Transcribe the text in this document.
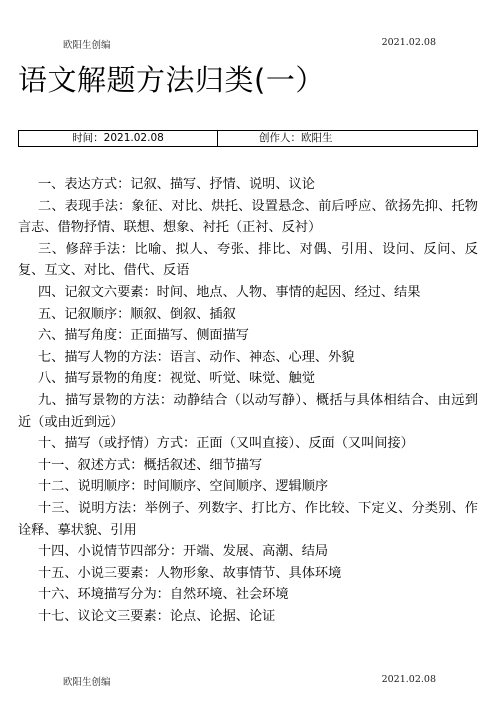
欧阳生创编	2021.02.08
语文解题方法归类(一）
时间：2021.02.08	创作人：欧阳生

一、表达方式：记叙、描写、抒情、说明、议论

二、表现手法：象征、对比、烘托、设置悬念、前后呼应、欲扬先抑、托物言志、借物抒情、联想、想象、衬托（正衬、反衬）

三、修辞手法：比喻、拟人、夸张、排比、对偶、引用、设问、反问、反复、互文、对比、借代、反语

四、记叙文六要素：时间、地点、人物、事情的起因、经过、结果

五、记叙顺序：顺叙、倒叙、插叙

六、描写角度：正面描写、侧面描写

七、描写人物的方法：语言、动作、神态、心理、外貌

八、描写景物的角度：视觉、听觉、味觉、触觉

九、描写景物的方法：动静结合（以动写静）、概括与具体相结合、由远到近（或由近到远）

十、描写（或抒情）方式：正面（又叫直接）、反面（又叫间接）

十一、叙述方式：概括叙述、细节描写

十二、说明顺序：时间顺序、空间顺序、逻辑顺序

十三、说明方法：举例子、列数字、打比方、作比较、下定义、分类别、作诠释、摹状貌、引用

十四、小说情节四部分：开端、发展、高潮、结局

十五、小说三要素：人物形象、故事情节、具体环境

十六、环境描写分为：自然环境、社会环境

十七、议论文三要素：论点、论据、论证

欧阳生创编	2021.02.08
